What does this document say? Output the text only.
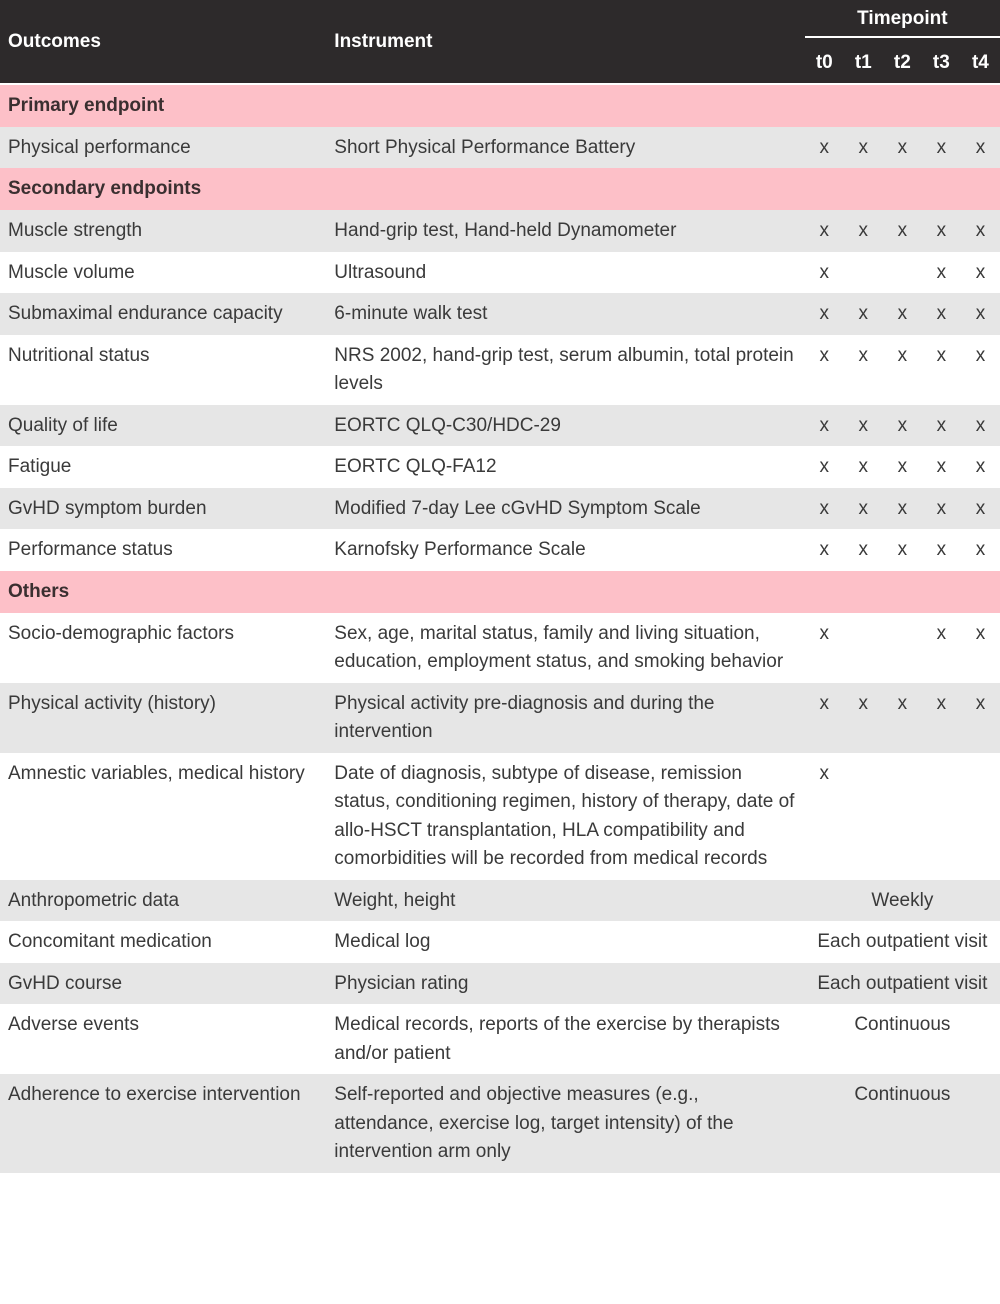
Outcomes	Instrument	Timepoint				

		t0	t1	t2	t3	t4
Primary endpoint						
Physical performance	Short Physical Performance Battery	x	x	x	x	x
Secondary endpoints						
Muscle strength	Hand-grip test, Hand-held Dynamometer	x	x	x	x	x
Muscle volume	Ultrasound	x			x	x
Submaximal endurance capacity	6-minute walk test	x	x	x	x	x
Nutritional status	NRS 2002, hand-grip test, serum albumin, total protein levels	x	x	x	x	x
Quality of life	EORTC QLQ-C30/HDC-29	x	x	x	x	x
Fatigue	EORTC QLQ-FA12	x	x	x	x	x
GvHD symptom burden	Modified 7-day Lee cGvHD Symptom Scale	x	x	x	x	x
Performance status	Karnofsky Performance Scale	x	x	x	x	x
Others						
Socio-demographic factors	Sex, age, marital status, family and living situation, education, employment status, and smoking behavior	x			x	x
Physical activity (history)	Physical activity pre-diagnosis and during the intervention	x	x	x	x	x
Amnestic variables, medical history	Date of diagnosis, subtype of disease, remission status, conditioning regimen, history of therapy, date of allo-HSCT transplantation, HLA compatibility and comorbidities will be recorded from medical records	x				
Anthropometric data	Weight, height	Weekly				
Concomitant medication	Medical log	Each outpatient visit				
GvHD course	Physician rating	Each outpatient visit				
Adverse events	Medical records, reports of the exercise by therapists and/or patient	Continuous				
Adherence to exercise intervention	Self-reported and objective measures (e.g., attendance, exercise log, target intensity) of the intervention arm only	Continuous				
